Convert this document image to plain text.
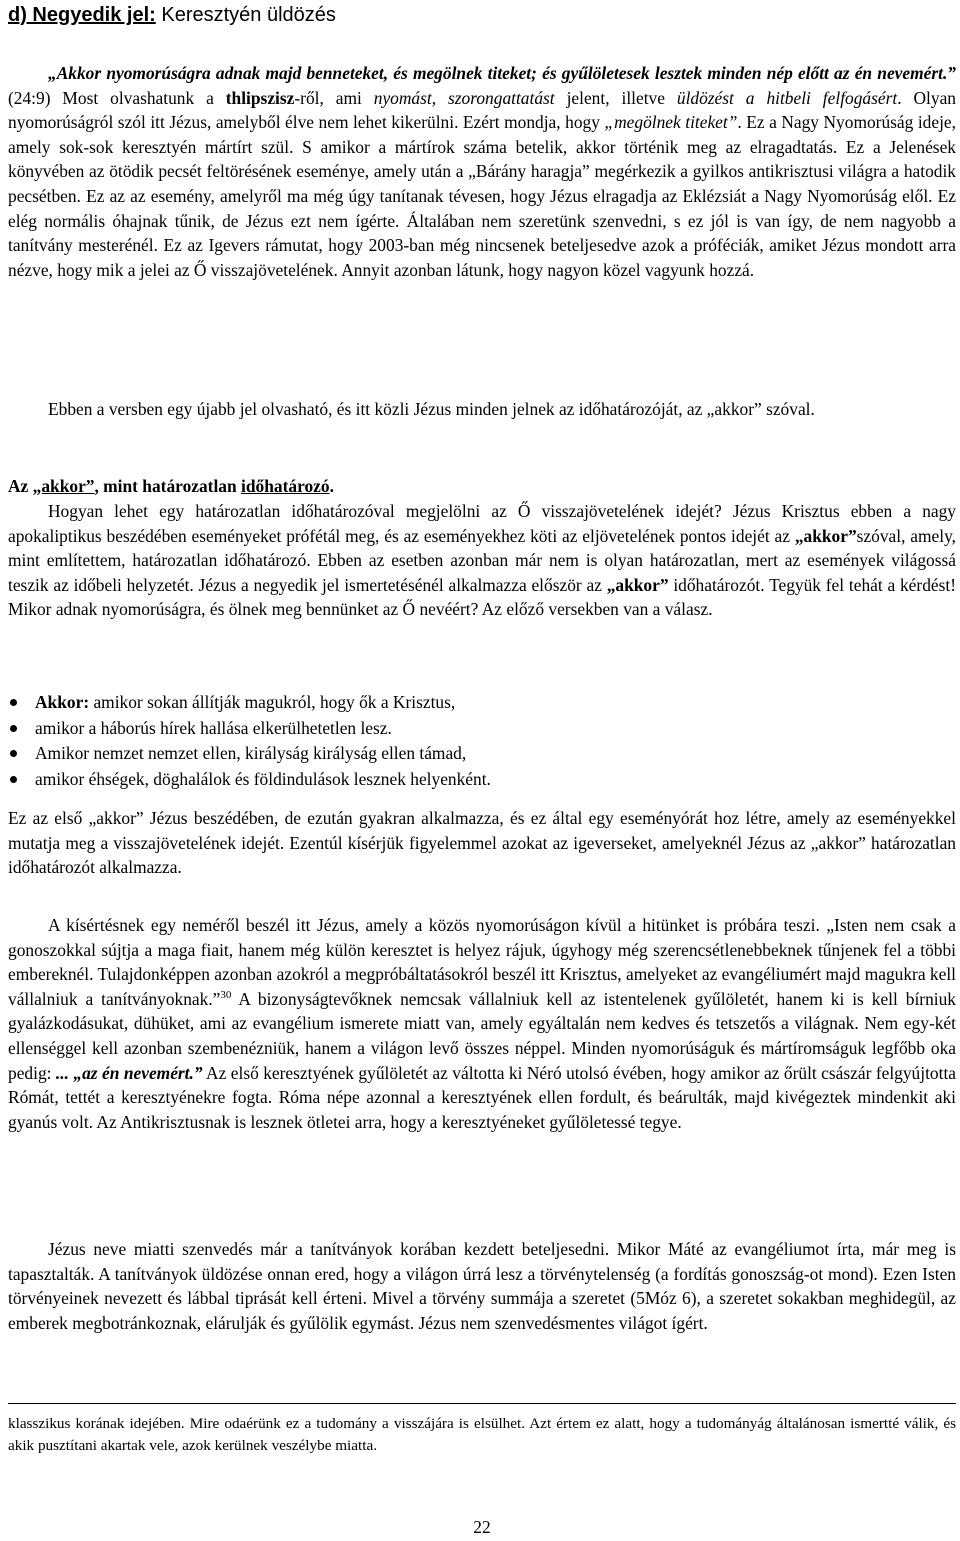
d) Negyedik jel: Keresztyén üldözés
„Akkor nyomorúságra adnak majd benneteket, és megölnek titeket; és gyűlöletesek lesztek minden nép előtt az én nevemért.” (24:9) Most olvashatunk a thlipszisz-ről, ami nyomást, szorongattatást jelent, illetve üldözést a hitbeli felfogásért. Olyan nyomorúságról szól itt Jézus, amelyből élve nem lehet kikerülni. Ezért mondja, hogy „megölnek titeket”. Ez a Nagy Nyomorúság ideje, amely sok-sok keresztyén mártírt szül. S amikor a mártírok száma betelik, akkor történik meg az elragadtatás. Ez a Jelenések könyvében az ötödik pecsét feltörésének eseménye, amely után a „Bárány haragja” megérkezik a gyilkos antikrisztusi világra a hatodik pecsétben. Ez az az esemény, amelyről ma még úgy tanítanak tévesen, hogy Jézus elragadja az Eklézsiát a Nagy Nyomorúság elől. Ez elég normális óhajnak tűnik, de Jézus ezt nem ígérte. Általában nem szeretünk szenvedni, s ez jól is van így, de nem nagyobb a tanítvány mesterénél. Ez az Igevers rámutat, hogy 2003-ban még nincsenek beteljesedve azok a próféciák, amiket Jézus mondott arra nézve, hogy mik a jelei az Ő visszajövetelének. Annyit azonban látunk, hogy nagyon közel vagyunk hozzá.
Ebben a versben egy újabb jel olvasható, és itt közli Jézus minden jelnek az időhatározóját, az „akkor” szóval.
Az „akkor”, mint határozatlan időhatározó.
Hogyan lehet egy határozatlan időhatározóval megjelölni az Ő visszajövetelének idejét? Jézus Krisztus ebben a nagy apokaliptikus beszédében eseményeket prófétál meg, és az eseményekhez köti az eljövetelének pontos idejét az „akkor”szóval, amely, mint említettem, határozatlan időhatározó. Ebben az esetben azonban már nem is olyan határozatlan, mert az események világossá teszik az időbeli helyzetét. Jézus a negyedik jel ismertetésénél alkalmazza először az „akkor” időhatározót. Tegyük fel tehát a kérdést! Mikor adnak nyomorúságra, és ölnek meg bennünket az Ő nevéért? Az előző versekben van a válasz.
Akkor: amikor sokan állítják magukról, hogy ők a Krisztus,
amikor a háborús hírek hallása elkerülhetetlen lesz.
Amikor nemzet nemzet ellen, királyság királyság ellen támad,
amikor éhségek, döghalálok és földindulások lesznek helyenként.
Ez az első „akkor” Jézus beszédében, de ezután gyakran alkalmazza, és ez által egy eseményórát hoz létre, amely az eseményekkel mutatja meg a visszajövetelének idejét. Ezentúl kísérjük figyelemmel azokat az igeverseket, amelyeknél Jézus az „akkor” határozatlan időhatározót alkalmazza.
A kísértésnek egy neméről beszél itt Jézus, amely a közös nyomorúságon kívül a hitünket is próbára teszi. „Isten nem csak a gonoszokkal sújtja a maga fiait, hanem még külön keresztet is helyez rájuk, úgyhogy még szerencsétlenebbeknek tűnjenek fel a többi embereknél. Tulajdonképpen azonban azokról a megpróbáltatásokról beszél itt Krisztus, amelyeket az evangéliumért majd magukra kell vállalniuk a tanítványoknak.”$^{30}$ A bizonyságtevőknek nemcsak vállalniuk kell az istentelenek gyűlöletét, hanem ki is kell bírniuk gyalázkodásukat, dühüket, ami az evangélium ismerete miatt van, amely egyáltalán nem kedves és tetszetős a világnak. Nem egy-két ellenséggel kell azonban szembenézniük, hanem a világon levő összes néppel. Minden nyomorúságuk és mártíromságuk legfőbb oka pedig: ... „az én nevemért.” Az első keresztyének gyűlöletét az váltotta ki Néró utolsó évében, hogy amikor az őrült császár felgyújtotta Rómát, tettét a keresztyénekre fogta. Róma népe azonnal a keresztyének ellen fordult, és beárulták, majd kivégeztek mindenkit aki gyanús volt. Az Antikrisztusnak is lesznek ötletei arra, hogy a keresztyéneket gyűlöletessé tegye.
Jézus neve miatti szenvedés már a tanítványok korában kezdett beteljesedni. Mikor Máté az evangéliumot írta, már meg is tapasztalták. A tanítványok üldözése onnan ered, hogy a világon úrrá lesz a törvénytelenség (a fordítás gonoszság-ot mond). Ezen Isten törvényeinek nevezett és lábbal tiprását kell érteni. Mivel a törvény summája a szeretet (5Móz 6), a szeretet sokakban meghidegül, az emberek megbotránkoznak, elárulják és gyűlölik egymást. Jézus nem szenvedésmentes világot ígért.
klasszikus korának idejében. Mire odaérünk ez a tudomány a visszájára is elsülhet. Azt értem ez alatt, hogy a tudományág általánosan ismertté válik, és akik pusztítani akartak vele, azok kerülnek veszélybe miatta.
22
